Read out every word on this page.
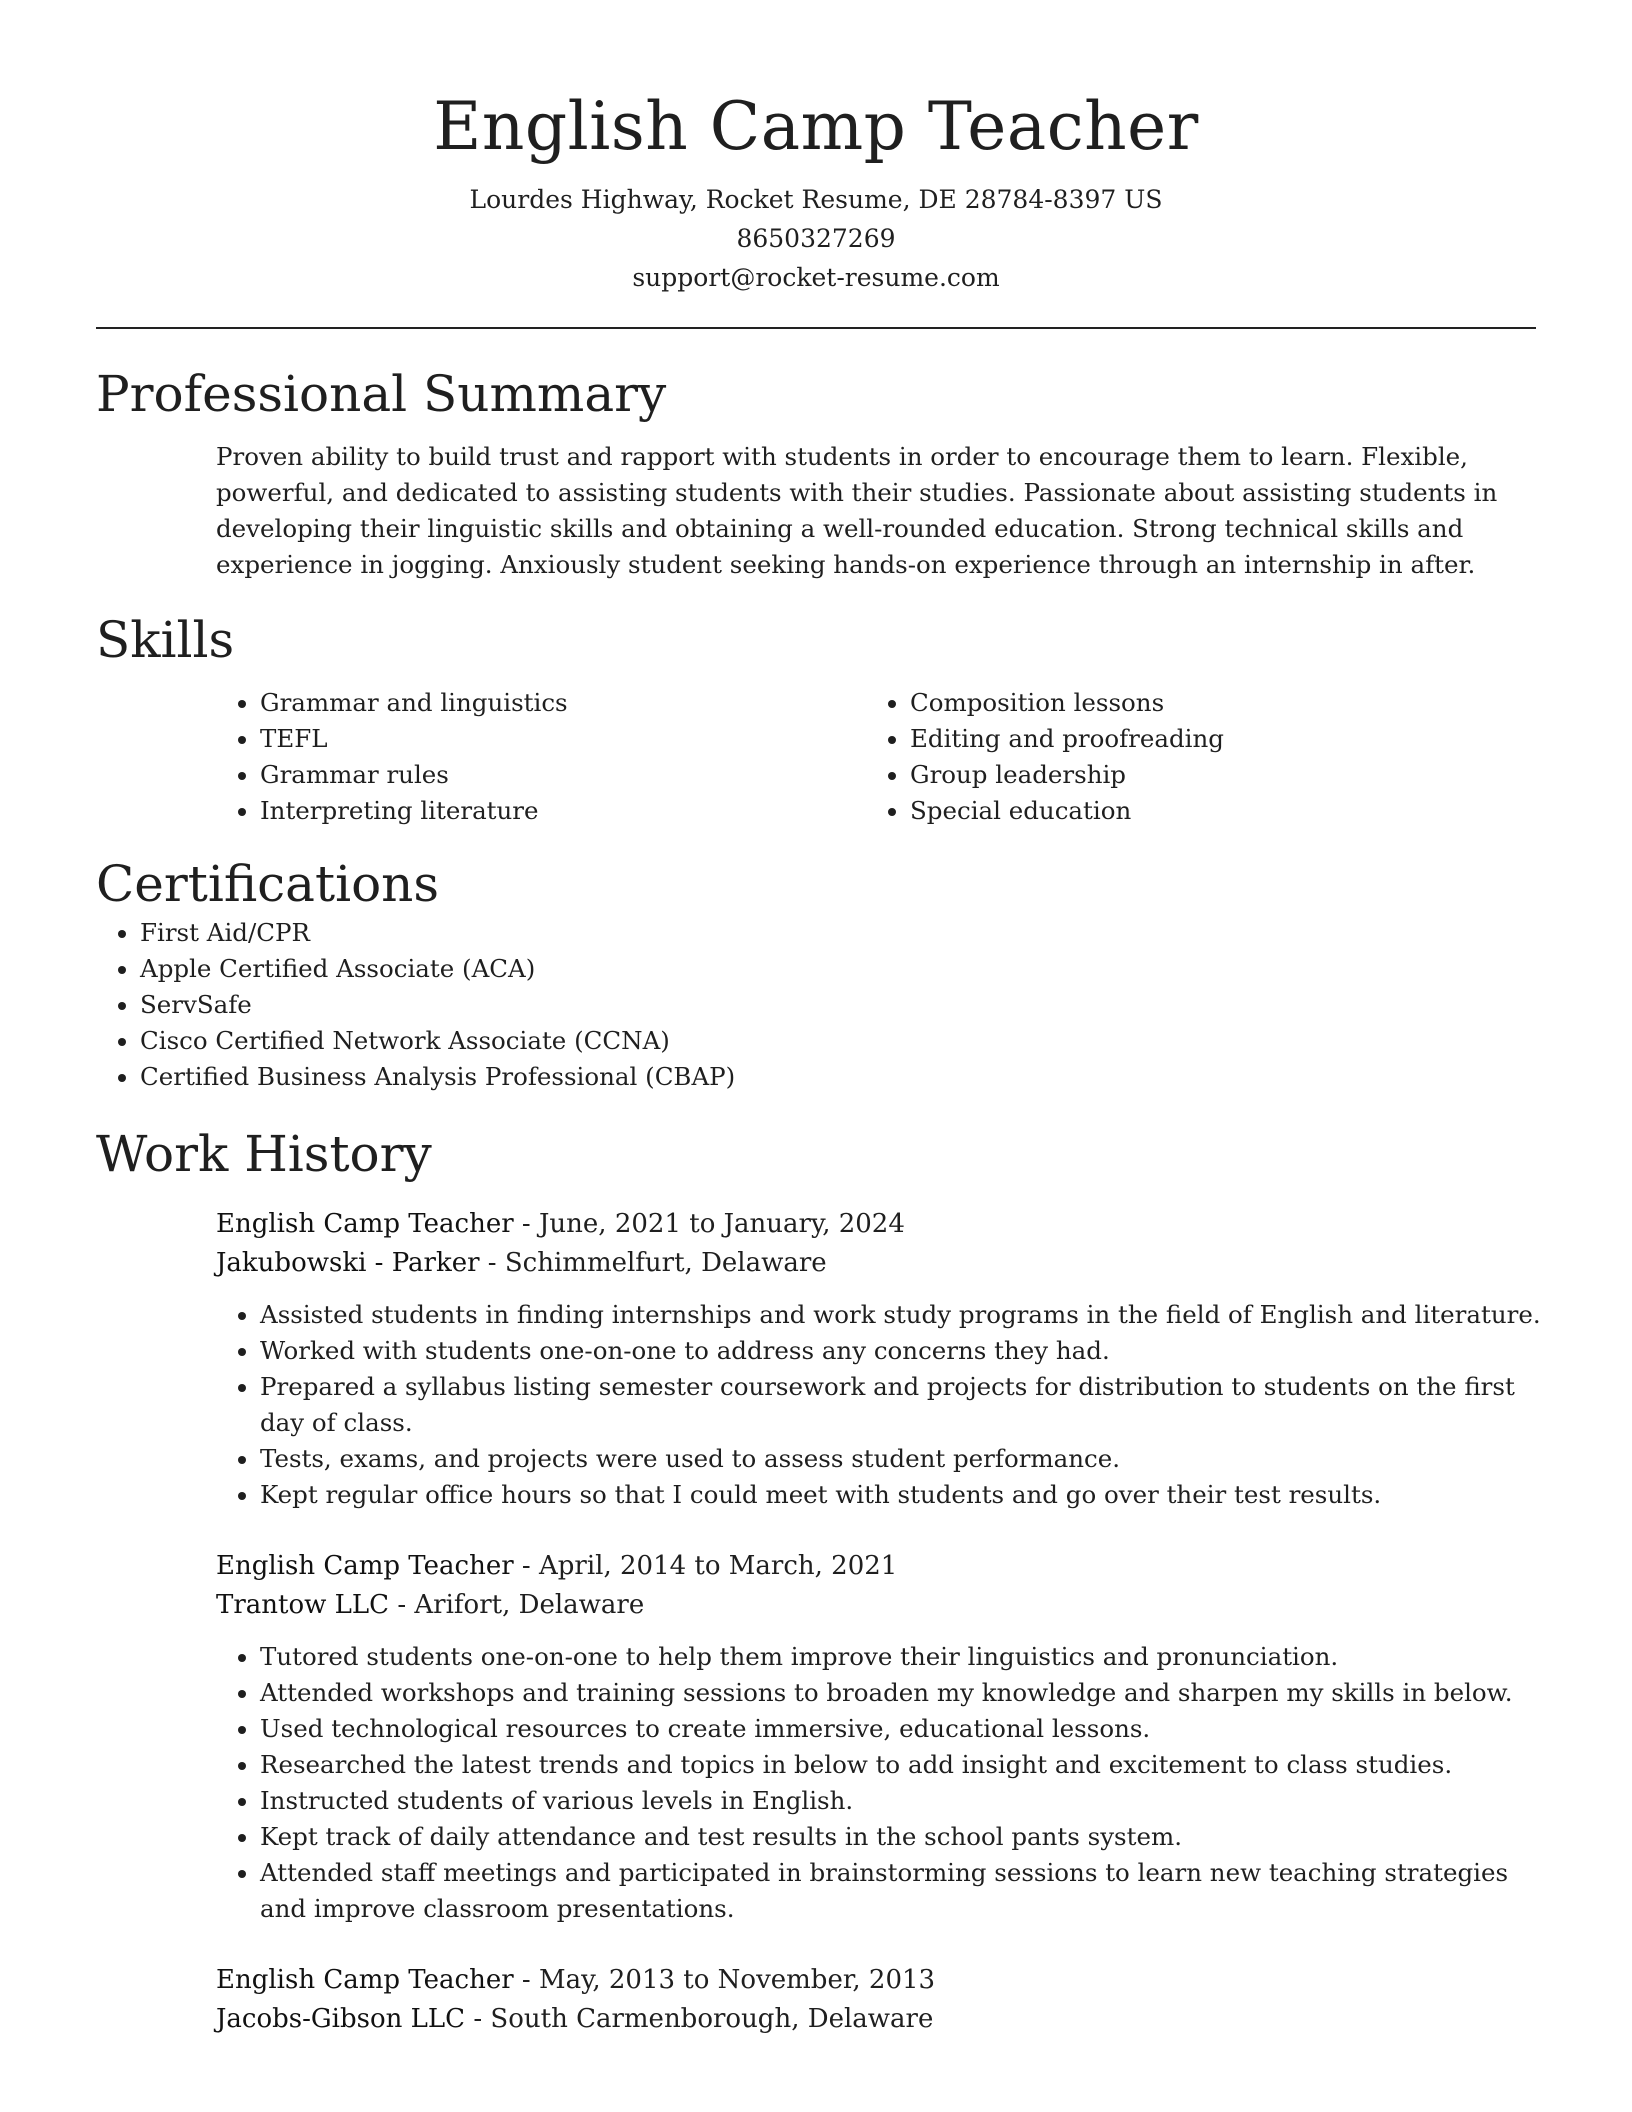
English Camp Teacher
Lourdes Highway, Rocket Resume, DE 28784-8397 US
8650327269
support@rocket-resume.com
Professional Summary

Proven ability to build trust and rapport with students in order to encourage them to learn. Flexible, powerful, and dedicated to assisting students with their studies. Passionate about assisting students in developing their linguistic skills and obtaining a well-rounded education. Strong technical skills and experience in jogging. Anxiously student seeking hands-on experience through an internship in after.

Skills
• Grammar and linguistics
• TEFL
• Grammar rules
• Interpreting literature
• Composition lessons
• Editing and proofreading
• Group leadership
• Special education
Certifications
• First Aid/CPR
• Apple Certified Associate (ACA)
• ServSafe
• Cisco Certified Network Associate (CCNA)
• Certified Business Analysis Professional (CBAP)
Work History
English Camp Teacher - June, 2021 to January, 2024
Jakubowski - Parker - Schimmelfurt, Delaware
• Assisted students in finding internships and work study programs in the field of English and literature.
• Worked with students one-on-one to address any concerns they had.
• Prepared a syllabus listing semester coursework and projects for distribution to students on the first day of class.
• Tests, exams, and projects were used to assess student performance.
• Kept regular office hours so that I could meet with students and go over their test results.
English Camp Teacher - April, 2014 to March, 2021
Trantow LLC - Arifort, Delaware
• Tutored students one-on-one to help them improve their linguistics and pronunciation.
• Attended workshops and training sessions to broaden my knowledge and sharpen my skills in below.
• Used technological resources to create immersive, educational lessons.
• Researched the latest trends and topics in below to add insight and excitement to class studies.
• Instructed students of various levels in English.
• Kept track of daily attendance and test results in the school pants system.
• Attended staff meetings and participated in brainstorming sessions to learn new teaching strategies and improve classroom presentations.
English Camp Teacher - May, 2013 to November, 2013
Jacobs-Gibson LLC - South Carmenborough, Delaware
